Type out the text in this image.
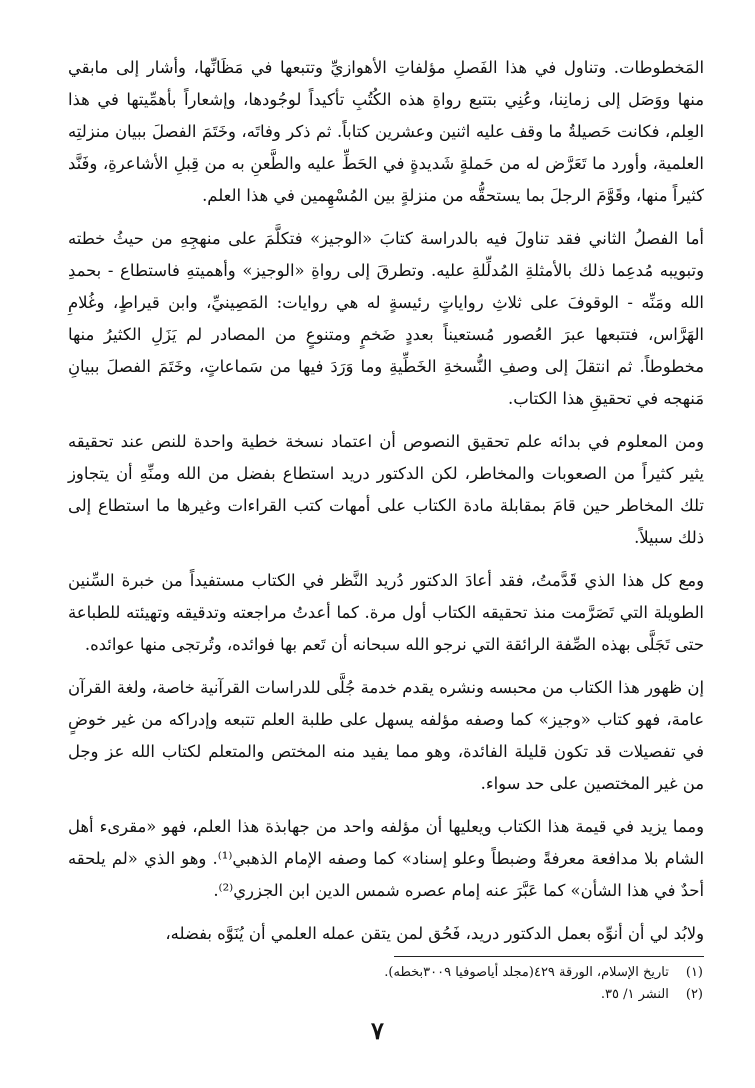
المَخطوطات. وتناول في هذا الفَصلِ مؤلفاتِ الأهوازيِّ وتتبعها في مَظَانِّها، وأشار إلى مابقي منها ووَصَل إلى زمانِنا، وعُنِي بتتبع رواةِ هذه الكُتُبِ تأكيداً لوجُودها، وإشعاراً بأهمِّيتها في هذا العِلم، فكانت حَصيلةُ ما وقف عليه اثنين وعشرين كتاباً. ثم ذكر وفاتَه، وخَتَمَ الفصلَ ببيان منزلتِه العلمية، وأورد ما تَعَرَّض له من حَملةٍ شَديدةٍ في الحَطِّ عليه والطَّعنِ به من قِبلِ الأشاعرةِ، وفَنَّد كثيراً منها، وقَوَّمَ الرجلَ بما يستحقُّه من منزلةٍ بين المُسْهِمين في هذا العلم.

أما الفصلُ الثاني فقد تناولَ فيه بالدراسة كتابَ «الوجيز» فتكلَّمَ على منهجِهِ من حيثُ خطته وتبويبه مُدعِما ذلك بالأمثلةِ المُدلِّلةِ عليه. وتطرقَ إلى رواةِ «الوجيز» وأهميتهِ فاستطاع - بحمدِ الله ومَنِّه - الوقوفَ على ثلاثِ رواياتٍ رئيسةٍ له هي روايات: المَصِينيِّ، وابن قيراطٍ، وغُلامِ الهَرَّاس، فتتبعها عبرَ العُصور مُستعيناً بعددٍ ضَخمٍ ومتنوعٍ من المصادر لم يَزَلِ الكثيرُ منها مخطوطاً. ثم انتقلَ إلى وصفِ النُّسخةِ الخَطِّيةِ وما وَرَدَ فيها من سَماعاتٍ، وخَتَمَ الفصلَ ببيانِ مَنهجه في تحقيقِ هذا الكتاب.

ومن المعلوم في بدائه علم تحقيق النصوص أن اعتماد نسخة خطية واحدة للنص عند تحقيقه يثير كثيراً من الصعوبات والمخاطر، لكن الدكتور دريد استطاع بفضل من الله ومنِّهِ أن يتجاوز تلك المخاطر حين قامَ بمقابلة مادة الكتاب على أمهات كتب القراءات وغيرها ما استطاع إلى ذلك سبيلاً.

ومع كل هذا الذي قَدَّمتُ، فقد أعادَ الدكتور دُريد النَّظر في الكتاب مستفيداً من خبرة السِّنين الطويلة التي تَصَرَّمت منذ تحقيقه الكتاب أول مرة. كما أعدتُ مراجعته وتدقيقه وتهيئته للطباعة حتى تَجَلَّى بهذه الصِّفة الرائقة التي نرجو الله سبحانه أن تَعم بها فوائده، وتُرتجى منها عوائده.

إن ظهور هذا الكتاب من محبسه ونشره يقدم خدمة جُلَّى للدراسات القرآنية خاصة، ولغة القرآن عامة، فهو كتاب «وجيز» كما وصفه مؤلفه يسهل على طلبة العلم تتبعه وإدراكه من غير خوضٍ في تفصيلات قد تكون قليلة الفائدة، وهو مما يفيد منه المختص والمتعلم لكتاب الله عز وجل من غير المختصين على حد سواء.

ومما يزيد في قيمة هذا الكتاب ويعليها أن مؤلفه واحد من جهابذة هذا العلم، فهو «مقرىء أهل الشام بلا مدافعة معرفةً وضبطاً وعلو إسناد» كما وصفه الإمام الذهبي⁽¹⁾. وهو الذي «لم يلحقه أحدٌ في هذا الشأن» كما عَبَّرَ عنه إمام عصره شمس الدين ابن الجزري⁽²⁾.

ولابُد لي أن أنوِّه بعمل الدكتور دريد، فَحُق لمن يتقن عمله العلمي أن يُنَوَّه بفضله،

(١) تاريخ الإسلام، الورقة ٤٢٩(مجلد أياصوفيا ٣٠٠٩بخطه).
(٢) النشر ١/ ٣٥.
٧
